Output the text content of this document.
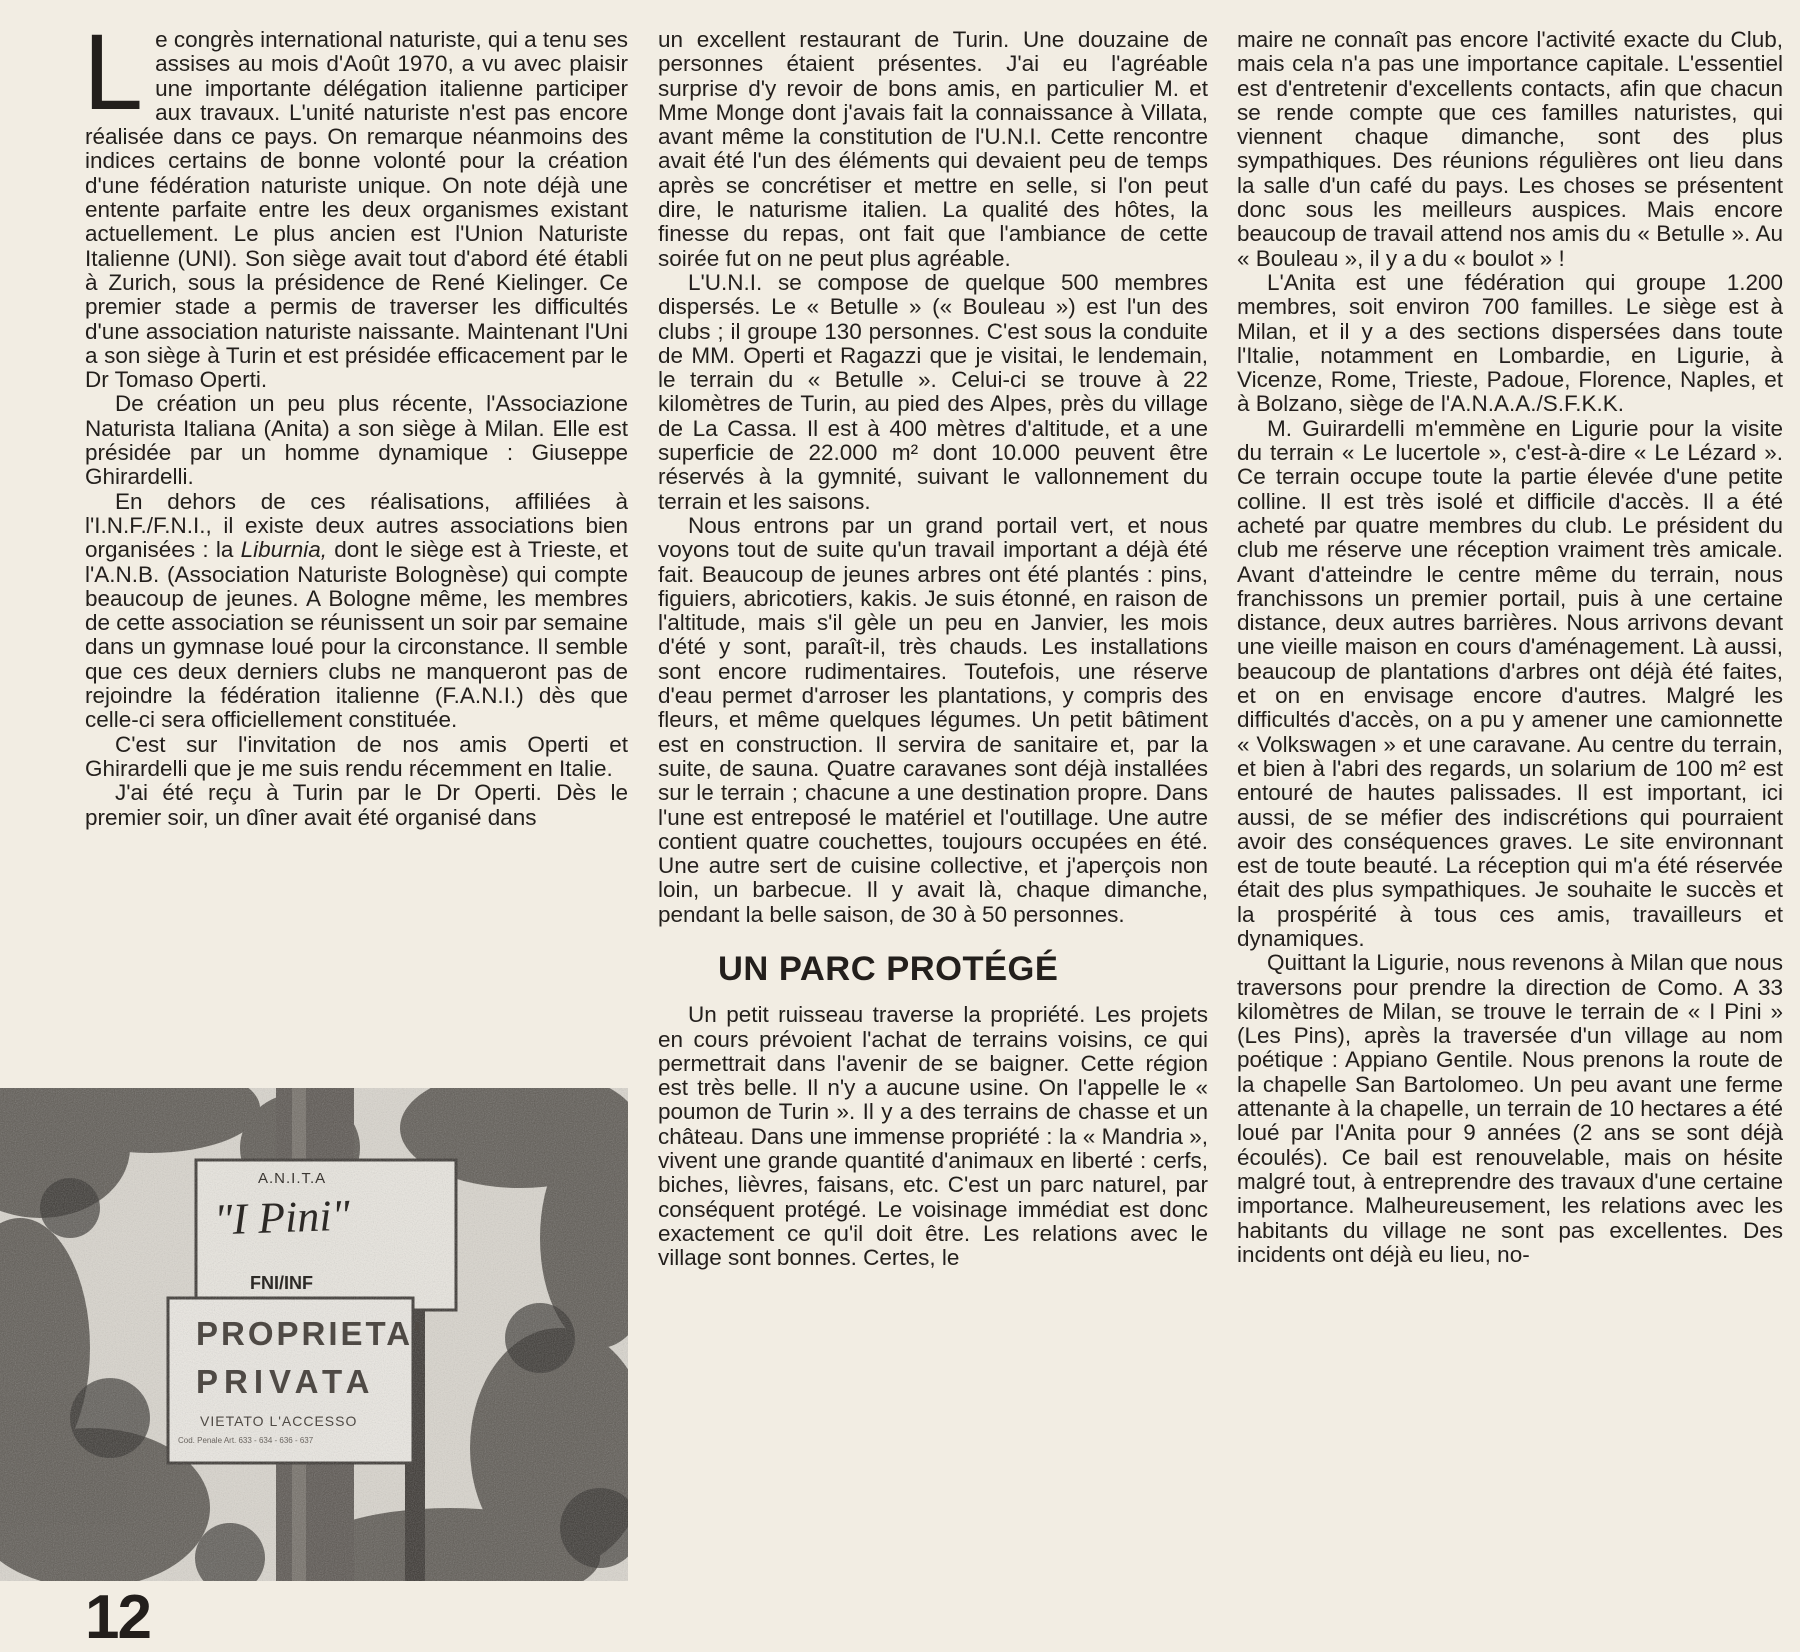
Le congrès international naturiste, qui a tenu ses assises au mois d'Août 1970, a vu avec plaisir une importante délégation italienne participer aux travaux. L'unité naturiste n'est pas encore réalisée dans ce pays. On remarque néanmoins des indices certains de bonne volonté pour la création d'une fédération naturiste unique. On note déjà une entente parfaite entre les deux organismes existant actuellement. Le plus ancien est l'Union Naturiste Italienne (UNI). Son siège avait tout d'abord été établi à Zurich, sous la présidence de René Kielinger. Ce premier stade a permis de traverser les difficultés d'une association naturiste naissante. Maintenant l'Uni a son siège à Turin et est présidée efficacement par le Dr Tomaso Operti.

De création un peu plus récente, l'Associazione Naturista Italiana (Anita) a son siège à Milan. Elle est présidée par un homme dynamique : Giuseppe Ghirardelli.

En dehors de ces réalisations, affiliées à l'I.N.F./F.N.I., il existe deux autres associations bien organisées : la Liburnia, dont le siège est à Trieste, et l'A.N.B. (Association Naturiste Bolognèse) qui compte beaucoup de jeunes. A Bologne même, les membres de cette association se réunissent un soir par semaine dans un gymnase loué pour la circonstance. Il semble que ces deux derniers clubs ne manqueront pas de rejoindre la fédération italienne (F.A.N.I.) dès que celle-ci sera officiellement constituée.

C'est sur l'invitation de nos amis Operti et Ghirardelli que je me suis rendu récemment en Italie.

J'ai été reçu à Turin par le Dr Operti. Dès le premier soir, un dîner avait été organisé dans

un excellent restaurant de Turin. Une douzaine de personnes étaient présentes. J'ai eu l'agréable surprise d'y revoir de bons amis, en particulier M. et Mme Monge dont j'avais fait la connaissance à Villata, avant même la constitution de l'U.N.I. Cette rencontre avait été l'un des éléments qui devaient peu de temps après se concrétiser et mettre en selle, si l'on peut dire, le naturisme italien. La qualité des hôtes, la finesse du repas, ont fait que l'ambiance de cette soirée fut on ne peut plus agréable.

L'U.N.I. se compose de quelque 500 membres dispersés. Le « Betulle » (« Bouleau ») est l'un des clubs ; il groupe 130 personnes. C'est sous la conduite de MM. Operti et Ragazzi que je visitai, le lendemain, le terrain du « Betulle ». Celui-ci se trouve à 22 kilomètres de Turin, au pied des Alpes, près du village de La Cassa. Il est à 400 mètres d'altitude, et a une superficie de 22.000 m² dont 10.000 peuvent être réservés à la gymnité, suivant le vallonnement du terrain et les saisons.

Nous entrons par un grand portail vert, et nous voyons tout de suite qu'un travail important a déjà été fait. Beaucoup de jeunes arbres ont été plantés : pins, figuiers, abricotiers, kakis. Je suis étonné, en raison de l'altitude, mais s'il gèle un peu en Janvier, les mois d'été y sont, paraît-il, très chauds. Les installations sont encore rudimentaires. Toutefois, une réserve d'eau permet d'arroser les plantations, y compris des fleurs, et même quelques légumes. Un petit bâtiment est en construction. Il servira de sanitaire et, par la suite, de sauna. Quatre caravanes sont déjà installées sur le terrain ; chacune a une destination propre. Dans l'une est entreposé le matériel et l'outillage. Une autre contient quatre couchettes, toujours occupées en été. Une autre sert de cuisine collective, et j'aperçois non loin, un barbecue. Il y avait là, chaque dimanche, pendant la belle saison, de 30 à 50 personnes.

UN PARC PROTÉGÉ

Un petit ruisseau traverse la propriété. Les projets en cours prévoient l'achat de terrains voisins, ce qui permettrait dans l'avenir de se baigner. Cette région est très belle. Il n'y a aucune usine. On l'appelle le « poumon de Turin ». Il y a des terrains de chasse et un château. Dans une immense propriété : la « Mandria », vivent une grande quantité d'animaux en liberté : cerfs, biches, lièvres, faisans, etc. C'est un parc naturel, par conséquent protégé. Le voisinage immédiat est donc exactement ce qu'il doit être. Les relations avec le village sont bonnes. Certes, le

maire ne connaît pas encore l'activité exacte du Club, mais cela n'a pas une importance capitale. L'essentiel est d'entretenir d'excellents contacts, afin que chacun se rende compte que ces familles naturistes, qui viennent chaque dimanche, sont des plus sympathiques. Des réunions régulières ont lieu dans la salle d'un café du pays. Les choses se présentent donc sous les meilleurs auspices. Mais encore beaucoup de travail attend nos amis du « Betulle ». Au « Bouleau », il y a du « boulot » !

L'Anita est une fédération qui groupe 1.200 membres, soit environ 700 familles. Le siège est à Milan, et il y a des sections dispersées dans toute l'Italie, notamment en Lombardie, en Ligurie, à Vicenze, Rome, Trieste, Padoue, Florence, Naples, et à Bolzano, siège de l'A.N.A.A./S.F.K.K.

M. Guirardelli m'emmène en Ligurie pour la visite du terrain « Le lucertole », c'est-à-dire « Le Lézard ». Ce terrain occupe toute la partie élevée d'une petite colline. Il est très isolé et difficile d'accès. Il a été acheté par quatre membres du club. Le président du club me réserve une réception vraiment très amicale. Avant d'atteindre le centre même du terrain, nous franchissons un premier portail, puis à une certaine distance, deux autres barrières. Nous arrivons devant une vieille maison en cours d'aménagement. Là aussi, beaucoup de plantations d'arbres ont déjà été faites, et on en envisage encore d'autres. Malgré les difficultés d'accès, on a pu y amener une camionnette « Volkswagen » et une caravane. Au centre du terrain, et bien à l'abri des regards, un solarium de 100 m² est entouré de hautes palissades. Il est important, ici aussi, de se méfier des indiscrétions qui pourraient avoir des conséquences graves. Le site environnant est de toute beauté. La réception qui m'a été réservée était des plus sympathiques. Je souhaite le succès et la prospérité à tous ces amis, travailleurs et dynamiques.

Quittant la Ligurie, nous revenons à Milan que nous traversons pour prendre la direction de Como. A 33 kilomètres de Milan, se trouve le terrain de « I Pini » (Les Pins), après la traversée d'un village au nom poétique : Appiano Gentile. Nous prenons la route de la chapelle San Bartolomeo. Un peu avant une ferme attenante à la chapelle, un terrain de 10 hectares a été loué par l'Anita pour 9 années (2 ans se sont déjà écoulés). Ce bail est renouvelable, mais on hésite malgré tout, à entreprendre des travaux d'une certaine importance. Malheureusement, les relations avec les habitants du village ne sont pas excellentes. Des incidents ont déjà eu lieu, no-

A.N.I.T.A
"I Pini"
FNI/INF
PROPRIETA'
PRIVATA
VIETATO L'ACCESSO
Cod. Penale Art. 633 - 634 - 636 - 637
12
